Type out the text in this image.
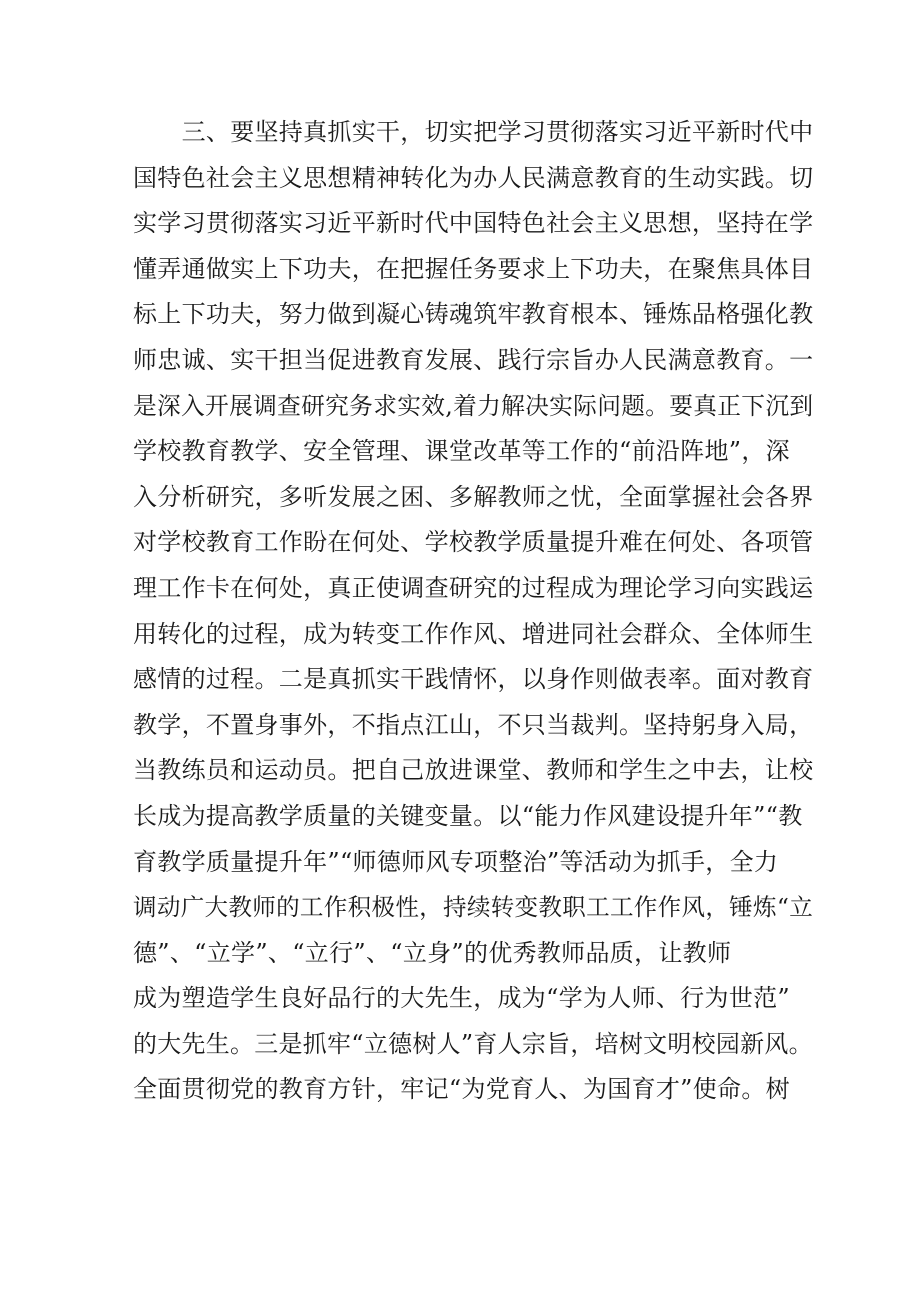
　　三、要坚持真抓实干，切实把学习贯彻落实习近平新时代中
国特色社会主义思想精神转化为办人民满意教育的生动实践。切
实学习贯彻落实习近平新时代中国特色社会主义思想，坚持在学
懂弄通做实上下功夫，在把握任务要求上下功夫，在聚焦具体目
标上下功夫，努力做到凝心铸魂筑牢教育根本、锤炼品格强化教
师忠诚、实干担当促进教育发展、践行宗旨办人民满意教育。一
是深入开展调查研究务求实效,着力解决实际问题。要真正下沉到
学校教育教学、安全管理、课堂改革等工作的“前沿阵地”，深
入分析研究，多听发展之困、多解教师之忧，全面掌握社会各界
对学校教育工作盼在何处、学校教学质量提升难在何处、各项管
理工作卡在何处，真正使调查研究的过程成为理论学习向实践运
用转化的过程，成为转变工作作风、增进同社会群众、全体师生
感情的过程。二是真抓实干践情怀，以身作则做表率。面对教育
教学，不置身事外，不指点江山，不只当裁判。坚持躬身入局，
当教练员和运动员。把自己放进课堂、教师和学生之中去，让校
长成为提高教学质量的关键变量。以“能力作风建设提升年”“教
育教学质量提升年”“师德师风专项整治”等活动为抓手，全力
调动广大教师的工作积极性，持续转变教职工工作作风，锤炼“立
德”、“立学”、“立行”、“立身”的优秀教师品质，让教师
成为塑造学生良好品行的大先生，成为“学为人师、行为世范”
的大先生。三是抓牢“立德树人”育人宗旨，培树文明校园新风。
全面贯彻党的教育方针，牢记“为党育人、为国育才”使命。树
